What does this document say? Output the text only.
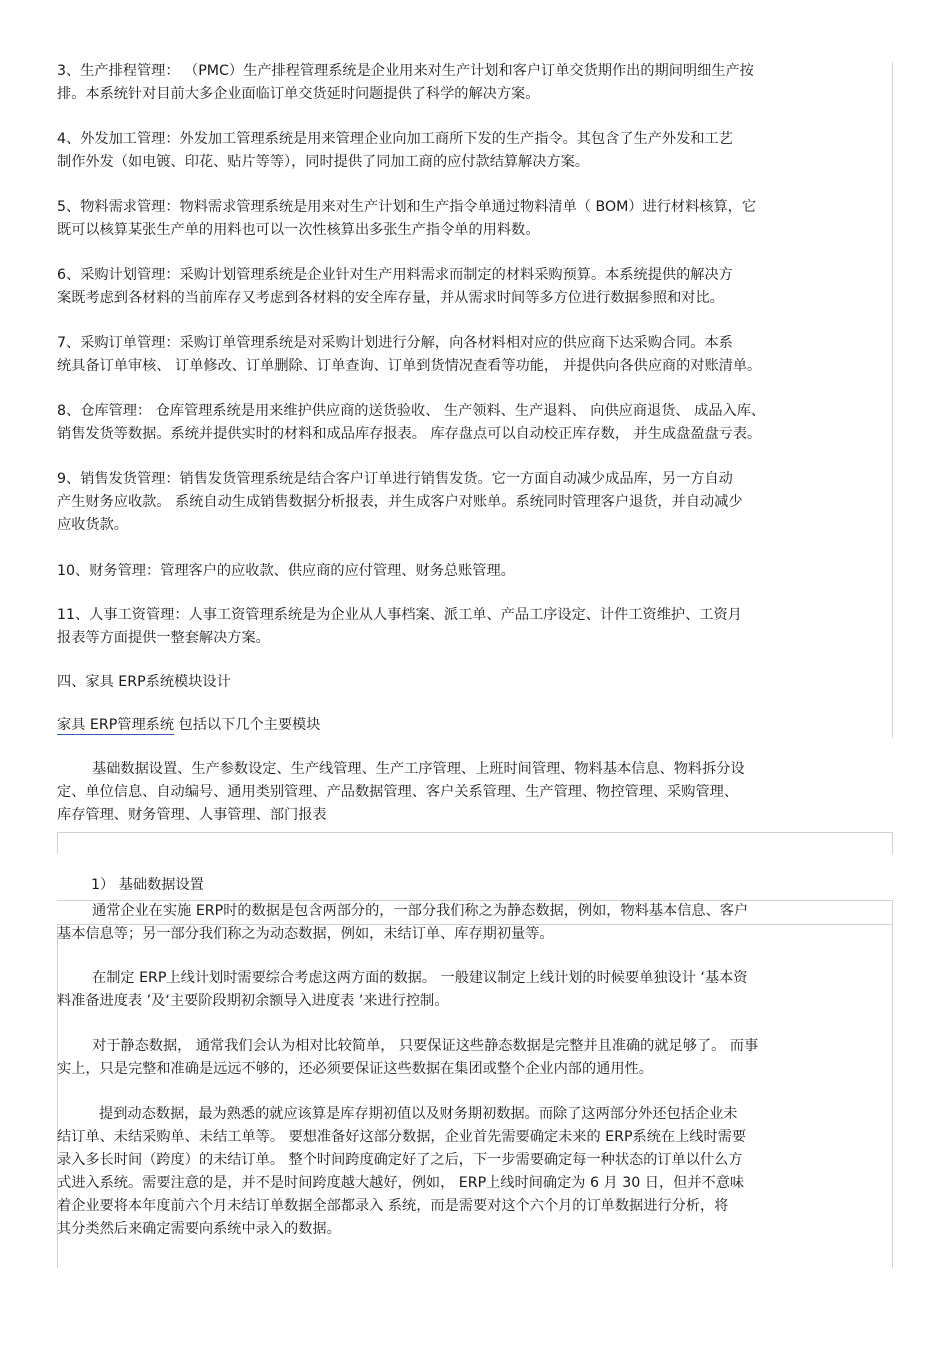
3、生产排程管理： （PMC）生产排程管理系统是企业用来对生产计划和客户订单交货期作出的期间明细生产按
排。本系统针对目前大多企业面临订单交货延时问题提供了科学的解决方案。
4、外发加工管理：外发加工管理系统是用来管理企业向加工商所下发的生产指令。其包含了生产外发和工艺
制作外发（如电镀、印花、贴片等等），同时提供了同加工商的应付款结算解决方案。
5、物料需求管理：物料需求管理系统是用来对生产计划和生产指令单通过物料清单（ BOM）进行材料核算，它
既可以核算某张生产单的用料也可以一次性核算出多张生产指令单的用料数。
6、采购计划管理：采购计划管理系统是企业针对生产用料需求而制定的材料采购预算。本系统提供的解决方
案既考虑到各材料的当前库存又考虑到各材料的安全库存量，并从需求时间等多方位进行数据参照和对比。
7、采购订单管理：采购订单管理系统是对采购计划进行分解，向各材料相对应的供应商下达采购合同。本系
统具备订单审核、 订单修改、订单删除、订单查询、订单到货情况查看等功能， 并提供向各供应商的对账清单。
8、仓库管理： 仓库管理系统是用来维护供应商的送货验收、 生产领料、生产退料、 向供应商退货、 成品入库、
销售发货等数据。系统并提供实时的材料和成品库存报表。 库存盘点可以自动校正库存数， 并生成盘盈盘亏表。
9、销售发货管理：销售发货管理系统是结合客户订单进行销售发货。它一方面自动减少成品库，另一方自动
产生财务应收款。 系统自动生成销售数据分析报表，并生成客户对账单。系统同时管理客户退货，并自动减少
应收货款。
10、财务管理：管理客户的应收款、供应商的应付管理、财务总账管理。
11、人事工资管理：人事工资管理系统是为企业从人事档案、派工单、产品工序设定、计件工资维护、工资月
报表等方面提供一整套解决方案。
四、家具 ERP系统模块设计
家具 ERP管理系统 包括以下几个主要模块
基础数据设置、生产参数设定、生产线管理、生产工序管理、上班时间管理、物料基本信息、物料拆分设
定、单位信息、自动编号、通用类别管理、产品数据管理、客户关系管理、生产管理、物控管理、采购管理、
库存管理、财务管理、人事管理、部门报表
1） 基础数据设置
通常企业在实施 ERP时的数据是包含两部分的，一部分我们称之为静态数据，例如，物料基本信息、客户
基本信息等；另一部分我们称之为动态数据，例如，未结订单、库存期初量等。
在制定 ERP上线计划时需要综合考虑这两方面的数据。 一般建议制定上线计划的时候要单独设计 ‘基本资
料准备进度表 ’及‘主要阶段期初余额导入进度表 ’来进行控制。
对于静态数据， 通常我们会认为相对比较简单， 只要保证这些静态数据是完整并且准确的就足够了。 而事
实上，只是完整和准确是远远不够的，还必须要保证这些数据在集团或整个企业内部的通用性。
提到动态数据，最为熟悉的就应该算是库存期初值以及财务期初数据。而除了这两部分外还包括企业未
结订单、未结采购单、未结工单等。 要想准备好这部分数据，企业首先需要确定未来的 ERP系统在上线时需要
录入多长时间（跨度）的未结订单。 整个时间跨度确定好了之后，下一步需要确定每一种状态的订单以什么方
式进入系统。需要注意的是，并不是时间跨度越大越好，例如， ERP上线时间确定为 6 月 30 日，但并不意味
着企业要将本年度前六个月未结订单数据全部都录入 系统，而是需要对这个六个月的订单数据进行分析，将
其分类然后来确定需要向系统中录入的数据。
